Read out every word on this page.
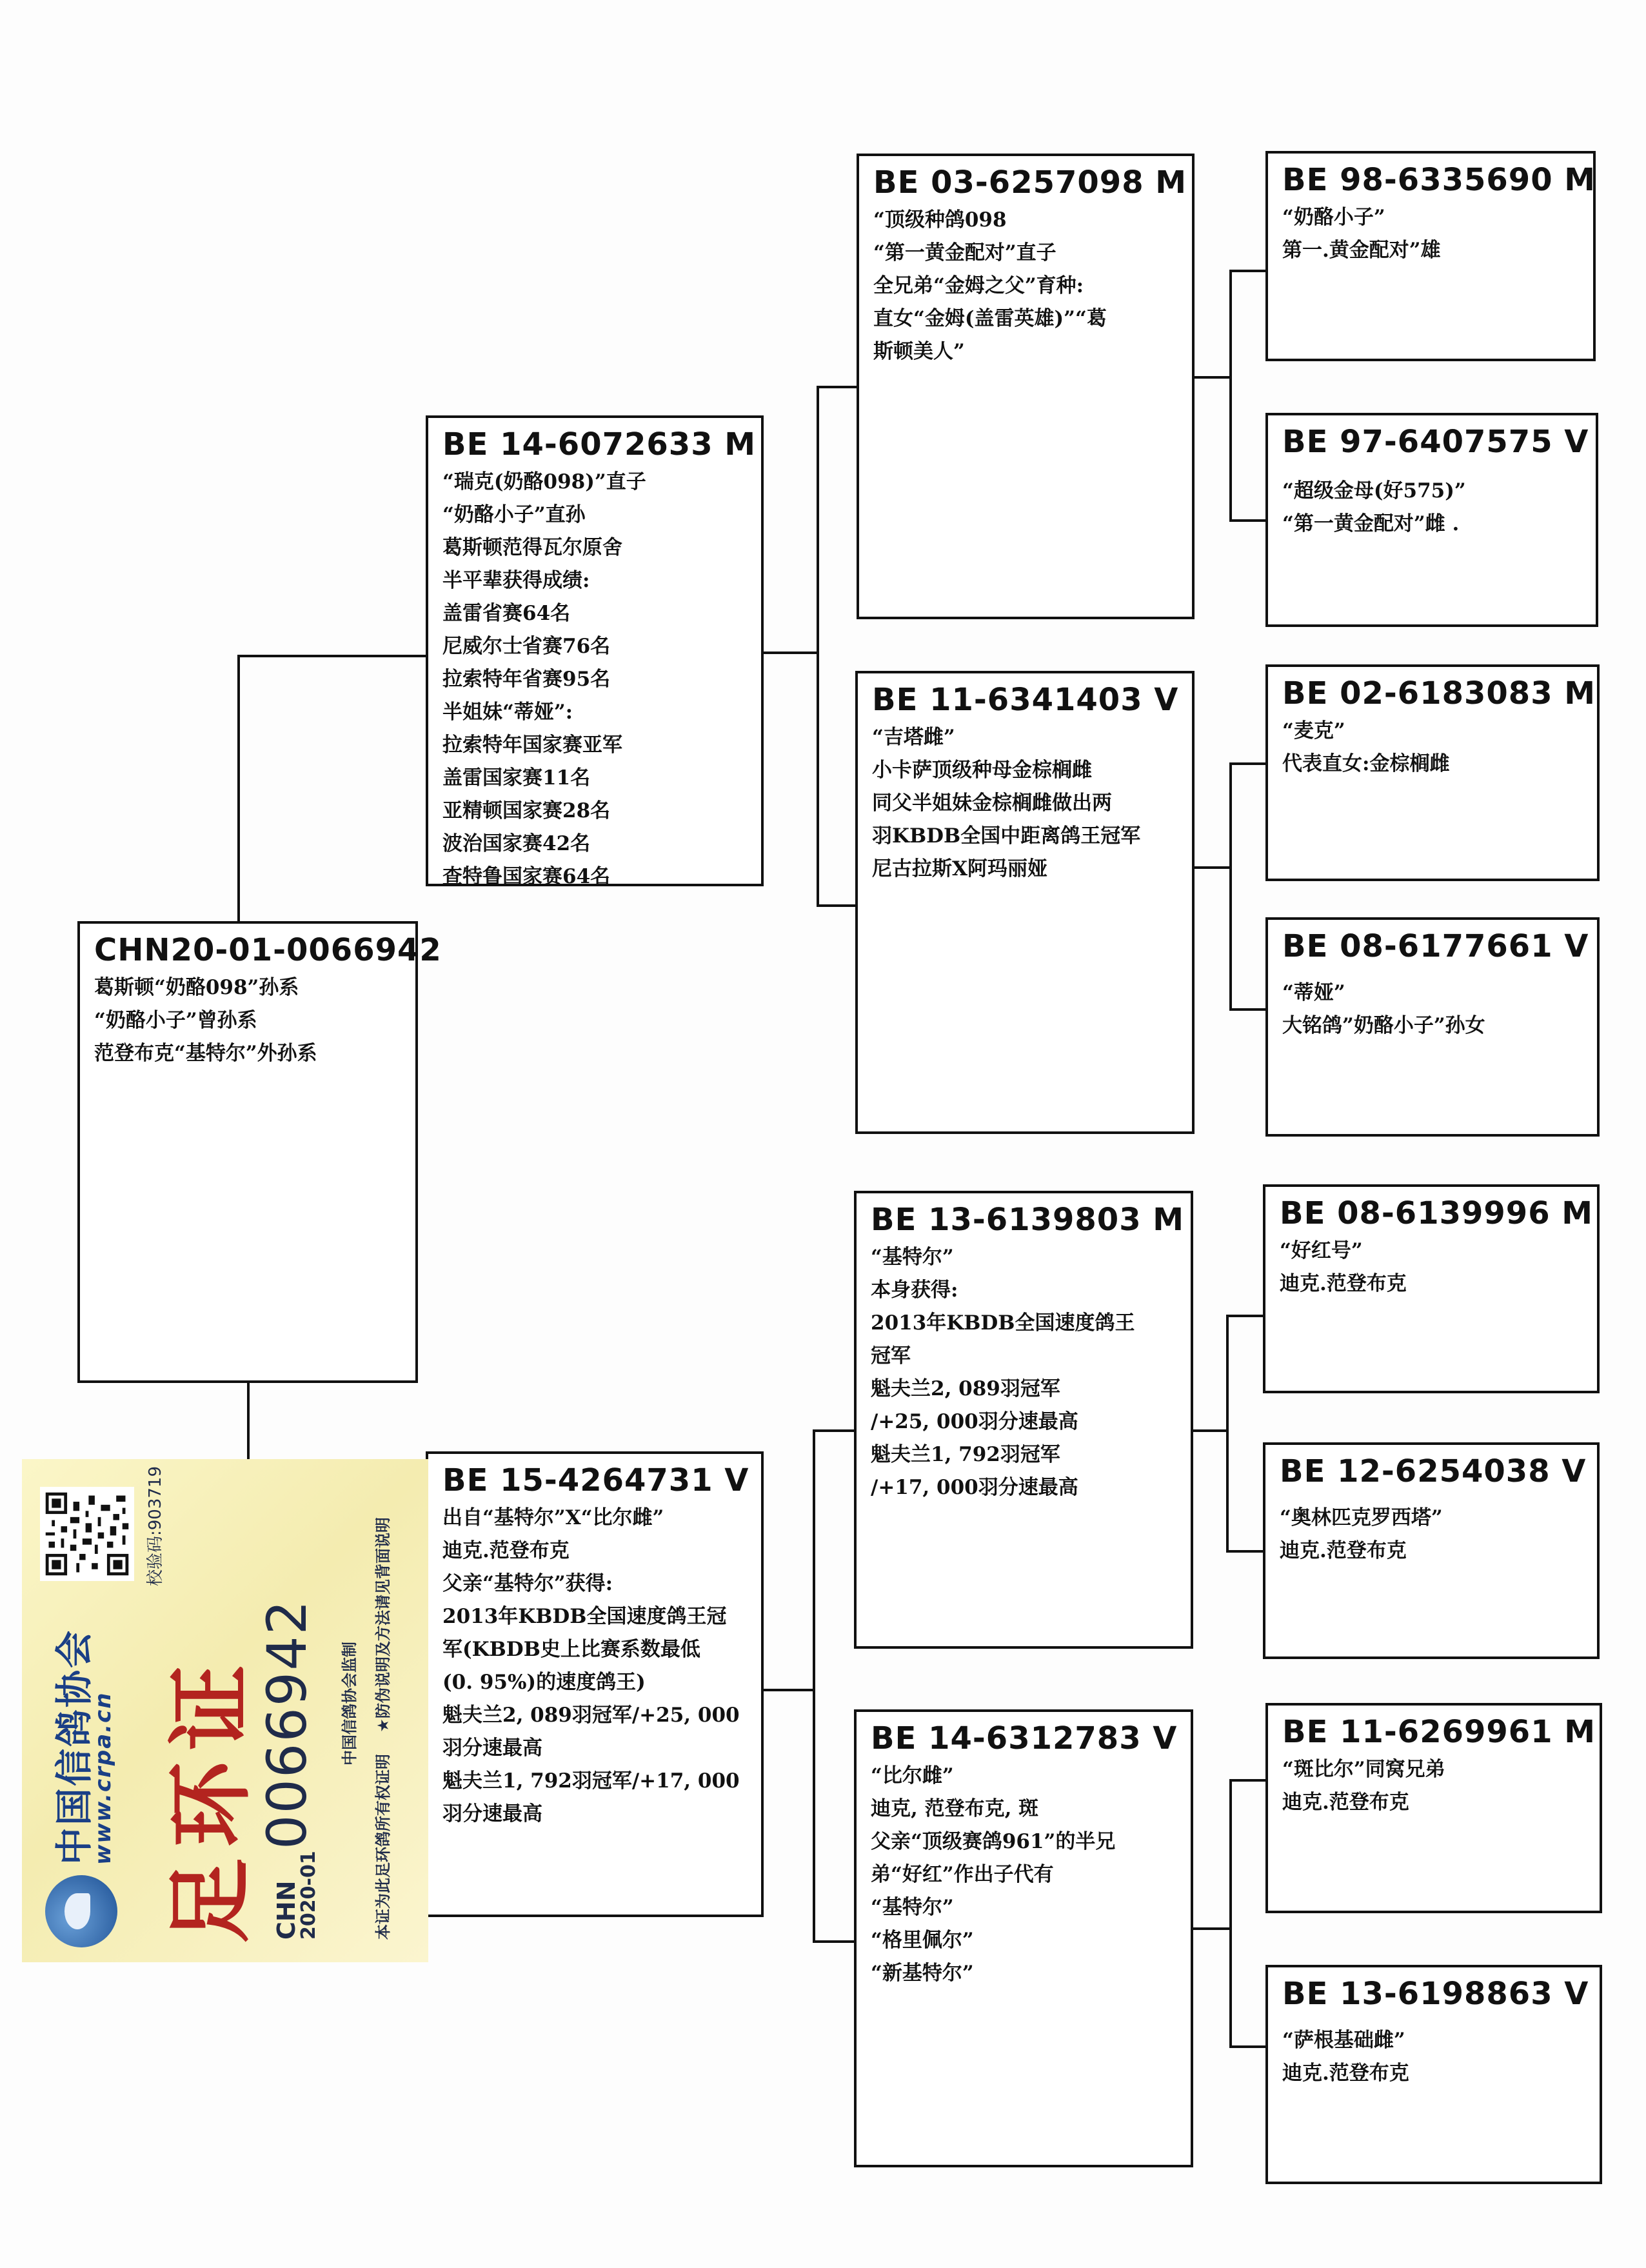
CHN20-01-0066942
葛斯顿“奶酪098”孙系
“奶酪小子”曾孙系
范登布克“基特尔”外孙系
BE 14-6072633 M
“瑞克(奶酪098)”直子
“奶酪小子”直孙
葛斯顿范得瓦尔原舍
半平辈获得成绩:
盖雷省赛64名
尼威尔士省赛76名
拉索特年省赛95名
半姐妹“蒂娅”:
拉索特年国家赛亚军
盖雷国家赛11名
亚精顿国家赛28名
波治国家赛42名
查特鲁国家赛64名
BE 15-4264731 V
出自“基特尔”X“比尔雌”
迪克.范登布克
父亲“基特尔”获得:
2013年KBDB全国速度鸽王冠
军(KBDB史上比赛系数最低
(0. 95%)的速度鸽王)
魁夫兰2, 089羽冠军/+25, 000
羽分速最高
魁夫兰1, 792羽冠军/+17, 000
羽分速最高
BE 03-6257098 M
“顶级种鸽098
“第一黄金配对”直子
全兄弟“金姆之父”育种:
直女“金姆(盖雷英雄)”“葛
斯顿美人”
BE 11-6341403 V
“吉塔雌”
小卡萨顶级种母金棕榈雌
同父半姐妹金棕榈雌做出两
羽KBDB全国中距离鸽王冠军
尼古拉斯X阿玛丽娅
BE 13-6139803 M
“基特尔”
本身获得:
2013年KBDB全国速度鸽王
冠军
魁夫兰2, 089羽冠军
/+25, 000羽分速最高
魁夫兰1, 792羽冠军
/+17, 000羽分速最高
BE 14-6312783 V
“比尔雌”
迪克, 范登布克, 斑
父亲“顶级赛鸽961”的半兄
弟“好红”作出子代有
“基特尔”
“格里佩尔”
“新基特尔”
BE 98-6335690 M
“奶酪小子”
第一.黄金配对”雄
BE 97-6407575 V
“超级金母(好575)”
“第一黄金配对”雌 .
BE 02-6183083 M
“麦克”
代表直女:金棕榈雌
BE 08-6177661 V
“蒂娅”
大铭鸽”奶酪小子”孙女
BE 08-6139996 M
“好红号”
迪克.范登布克
BE 12-6254038 V
“奥林匹克罗西塔”
迪克.范登布克
BE 11-6269961 M
“斑比尔”同窝兄弟
迪克.范登布克
BE 13-6198863 V
“萨根基础雌”
迪克.范登布克
中国信鸽协会
www.crpa.cn 足环证 CHN
2020-01
0066942
校验码:903719
中国信鸽协会监制
本证为此足环鸽所有权证明    ★防伪说明及方法请见背面说明
